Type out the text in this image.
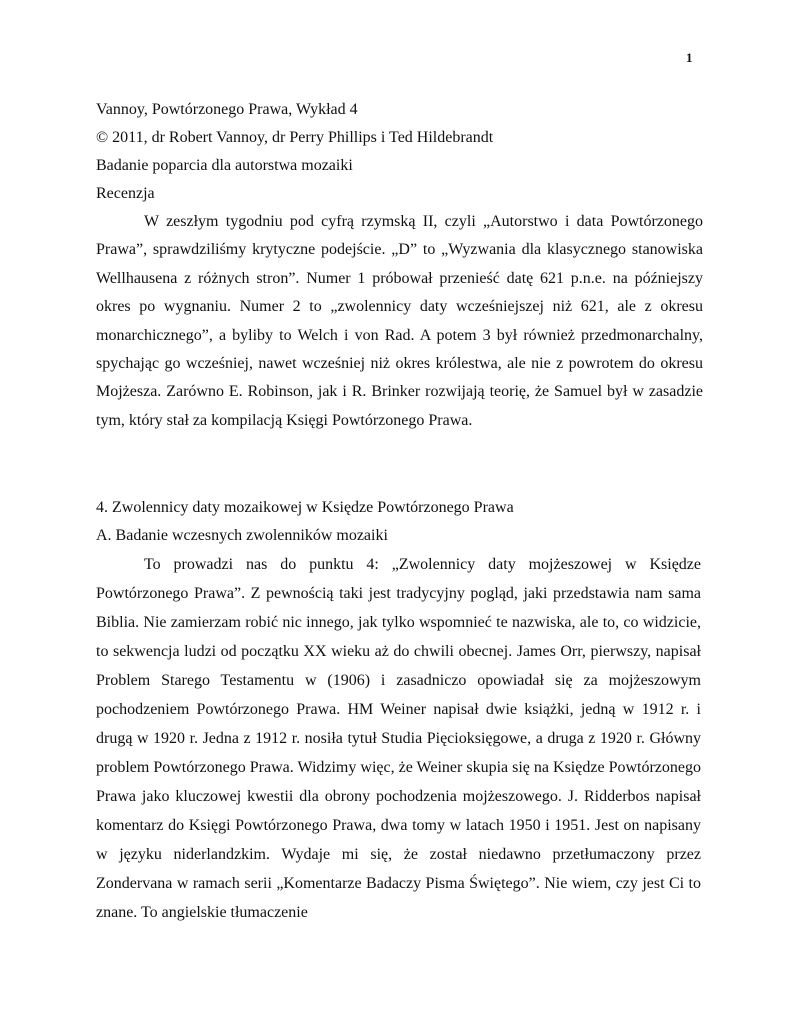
1
Vannoy, Powtórzonego Prawa, Wykład 4
© 2011, dr Robert Vannoy, dr Perry Phillips i Ted Hildebrandt
Badanie poparcia dla autorstwa mozaiki
Recenzja

W zeszłym tygodniu pod cyfrą rzymską II, czyli „Autorstwo i data Powtórzonego Prawa”, sprawdziliśmy krytyczne podejście. „D” to „Wyzwania dla klasycznego stanowiska Wellhausena z różnych stron”. Numer 1 próbował przenieść datę 621 p.n.e. na późniejszy okres po wygnaniu. Numer 2 to „zwolennicy daty wcześniejszej niż 621, ale z okresu monarchicznego”, a byliby to Welch i von Rad. A potem 3 był również przedmonarchalny, spychając go wcześniej, nawet wcześniej niż okres królestwa, ale nie z powrotem do okresu Mojżesza. Zarówno E. Robinson, jak i R. Brinker rozwijają teorię, że Samuel był w zasadzie tym, który stał za kompilacją Księgi Powtórzonego Prawa.

4. Zwolennicy daty mozaikowej w Księdze Powtórzonego Prawa
A. Badanie wczesnych zwolenników mozaiki

To prowadzi nas do punktu 4: „Zwolennicy daty mojżeszowej w Księdze Powtórzonego Prawa”. Z pewnością taki jest tradycyjny pogląd, jaki przedstawia nam sama Biblia. Nie zamierzam robić nic innego, jak tylko wspomnieć te nazwiska, ale to, co widzicie, to sekwencja ludzi od początku XX wieku aż do chwili obecnej. James Orr, pierwszy, napisał Problem Starego Testamentu w (1906) i zasadniczo opowiadał się za mojżeszowym pochodzeniem Powtórzonego Prawa. HM Weiner napisał dwie książki, jedną w 1912 r. i drugą w 1920 r. Jedna z 1912 r. nosiła tytuł Studia Pięcioksięgowe, a druga z 1920 r. Główny problem Powtórzonego Prawa. Widzimy więc, że Weiner skupia się na Księdze Powtórzonego Prawa jako kluczowej kwestii dla obrony pochodzenia mojżeszowego. J. Ridderbos napisał komentarz do Księgi Powtórzonego Prawa, dwa tomy w latach 1950 i 1951. Jest on napisany w języku niderlandzkim. Wydaje mi się, że został niedawno przetłumaczony przez Zondervana w ramach serii „Komentarze Badaczy Pisma Świętego”. Nie wiem, czy jest Ci to znane. To angielskie tłumaczenie
